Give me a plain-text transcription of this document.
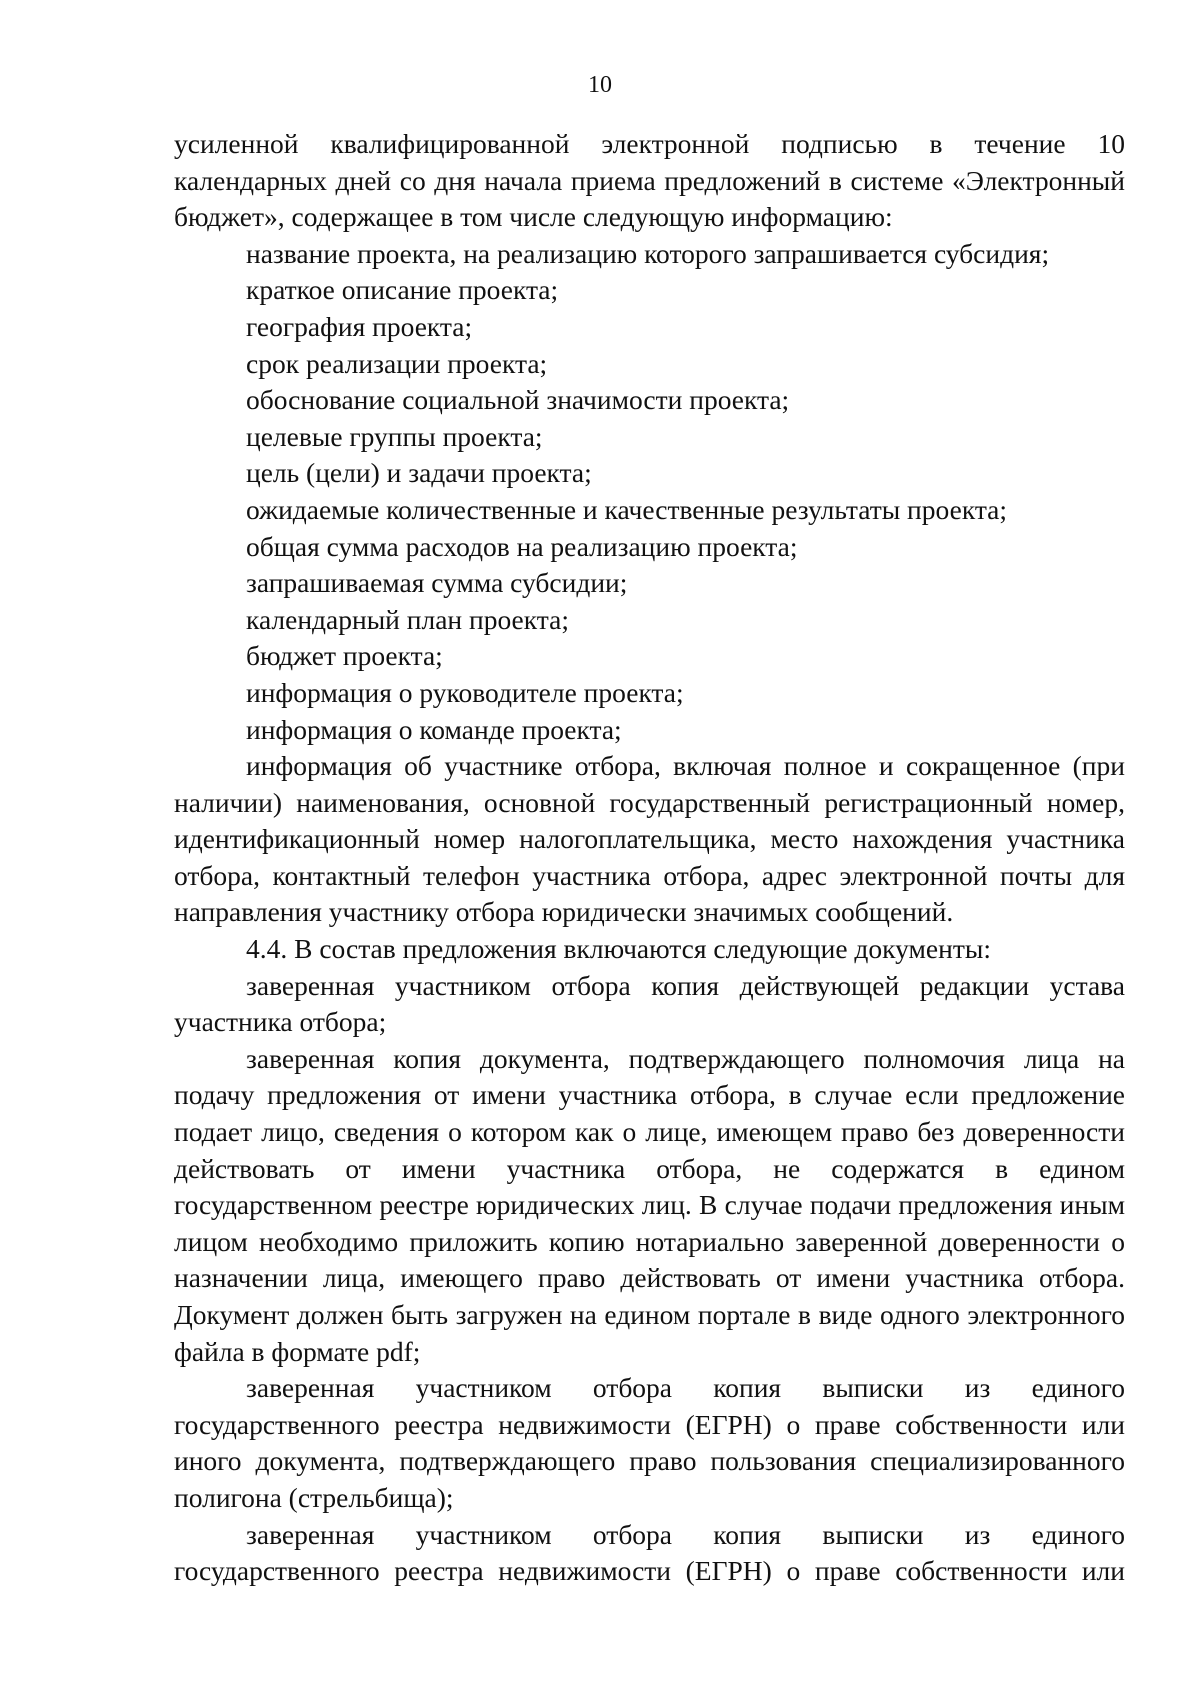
10

усиленной квалифицированной электронной подписью в течение 10 календарных дней со дня начала приема предложений в системе «Электронный бюджет», содержащее в том числе следующую информацию:

название проекта, на реализацию которого запрашивается субсидия;

краткое описание проекта;

география проекта;

срок реализации проекта;

обоснование социальной значимости проекта;

целевые группы проекта;

цель (цели) и задачи проекта;

ожидаемые количественные и качественные результаты проекта;

общая сумма расходов на реализацию проекта;

запрашиваемая сумма субсидии;

календарный план проекта;

бюджет проекта;

информация о руководителе проекта;

информация о команде проекта;

информация об участнике отбора, включая полное и сокращенное (при наличии) наименования, основной государственный регистрационный номер, идентификационный номер налогоплательщика, место нахождения участника отбора, контактный телефон участника отбора, адрес электронной почты для направления участнику отбора юридически значимых сообщений.

4.4. В состав предложения включаются следующие документы:

заверенная участником отбора копия действующей редакции устава участника отбора;

заверенная копия документа, подтверждающего полномочия лица на подачу предложения от имени участника отбора, в случае если предложение подает лицо, сведения о котором как о лице, имеющем право без доверенности действовать от имени участника отбора, не содержатся в едином государственном реестре юридических лиц. В случае подачи предложения иным лицом необходимо приложить копию нотариально заверенной доверенности о назначении лица, имеющего право действовать от имени участника отбора. Документ должен быть загружен на едином портале в виде одного электронного файла в формате pdf;

заверенная участником отбора копия выписки из единого государственного реестра недвижимости (ЕГРН) о праве собственности или иного документа, подтверждающего право пользования специализированного полигона (стрельбища);

заверенная участником отбора копия выписки из единого государственного реестра недвижимости (ЕГРН) о праве собственности или
